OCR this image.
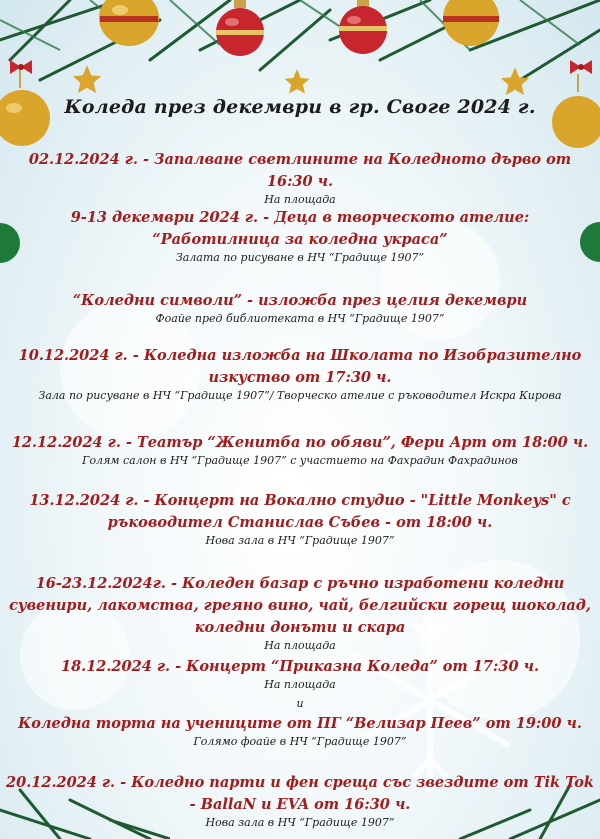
Коледа през декември в гр. Своге 2024 г.
02.12.2024 г. - Запалване светлините на Коледното дърво от 16:30 ч.
На площада
9-13 декември 2024 г. - Деца в творческото ателие: “Работилница за коледна украса”
Залата по рисуване в НЧ “Градище 1907”
“Коледни символи” - изложба през целия декември
Фоайе пред библиотеката в НЧ “Градище 1907”
10.12.2024 г. - Коледна изложба на Школата по Изобразително изкуство от 17:30 ч.
Зала по рисуване в НЧ “Градище 1907”/ Творческо ателие с ръководител Искра Кирова
12.12.2024 г. - Театър “Женитба по обяви”, Фери Арт от 18:00 ч.
Голям салон в НЧ “Градище 1907” с участието на Фахрадин Фахрадинов
13.12.2024 г. - Концерт на Вокално студио - "Little Monkeys" с ръководител Станислав Събев - от 18:00 ч.
Нова зала в НЧ “Градище 1907”
16-23.12.2024г. - Коледен базар с ръчно изработени коледни сувенири, лакомства, греяно вино, чай, белгийски горещ шоколад, коледни донъти и скара
На площада
18.12.2024 г. - Концерт “Приказна Коледа” от 17:30 ч.
На площада
и
Коледна торта на учениците от ПГ “Велизар Пеев” от 19:00 ч.
Голямо фоайе в НЧ “Градище 1907”
20.12.2024 г. - Коледно парти и фен среща със звездите от Tik Tok - BallaN и EVA от 16:30 ч.
Нова зала в НЧ “Градище 1907”
